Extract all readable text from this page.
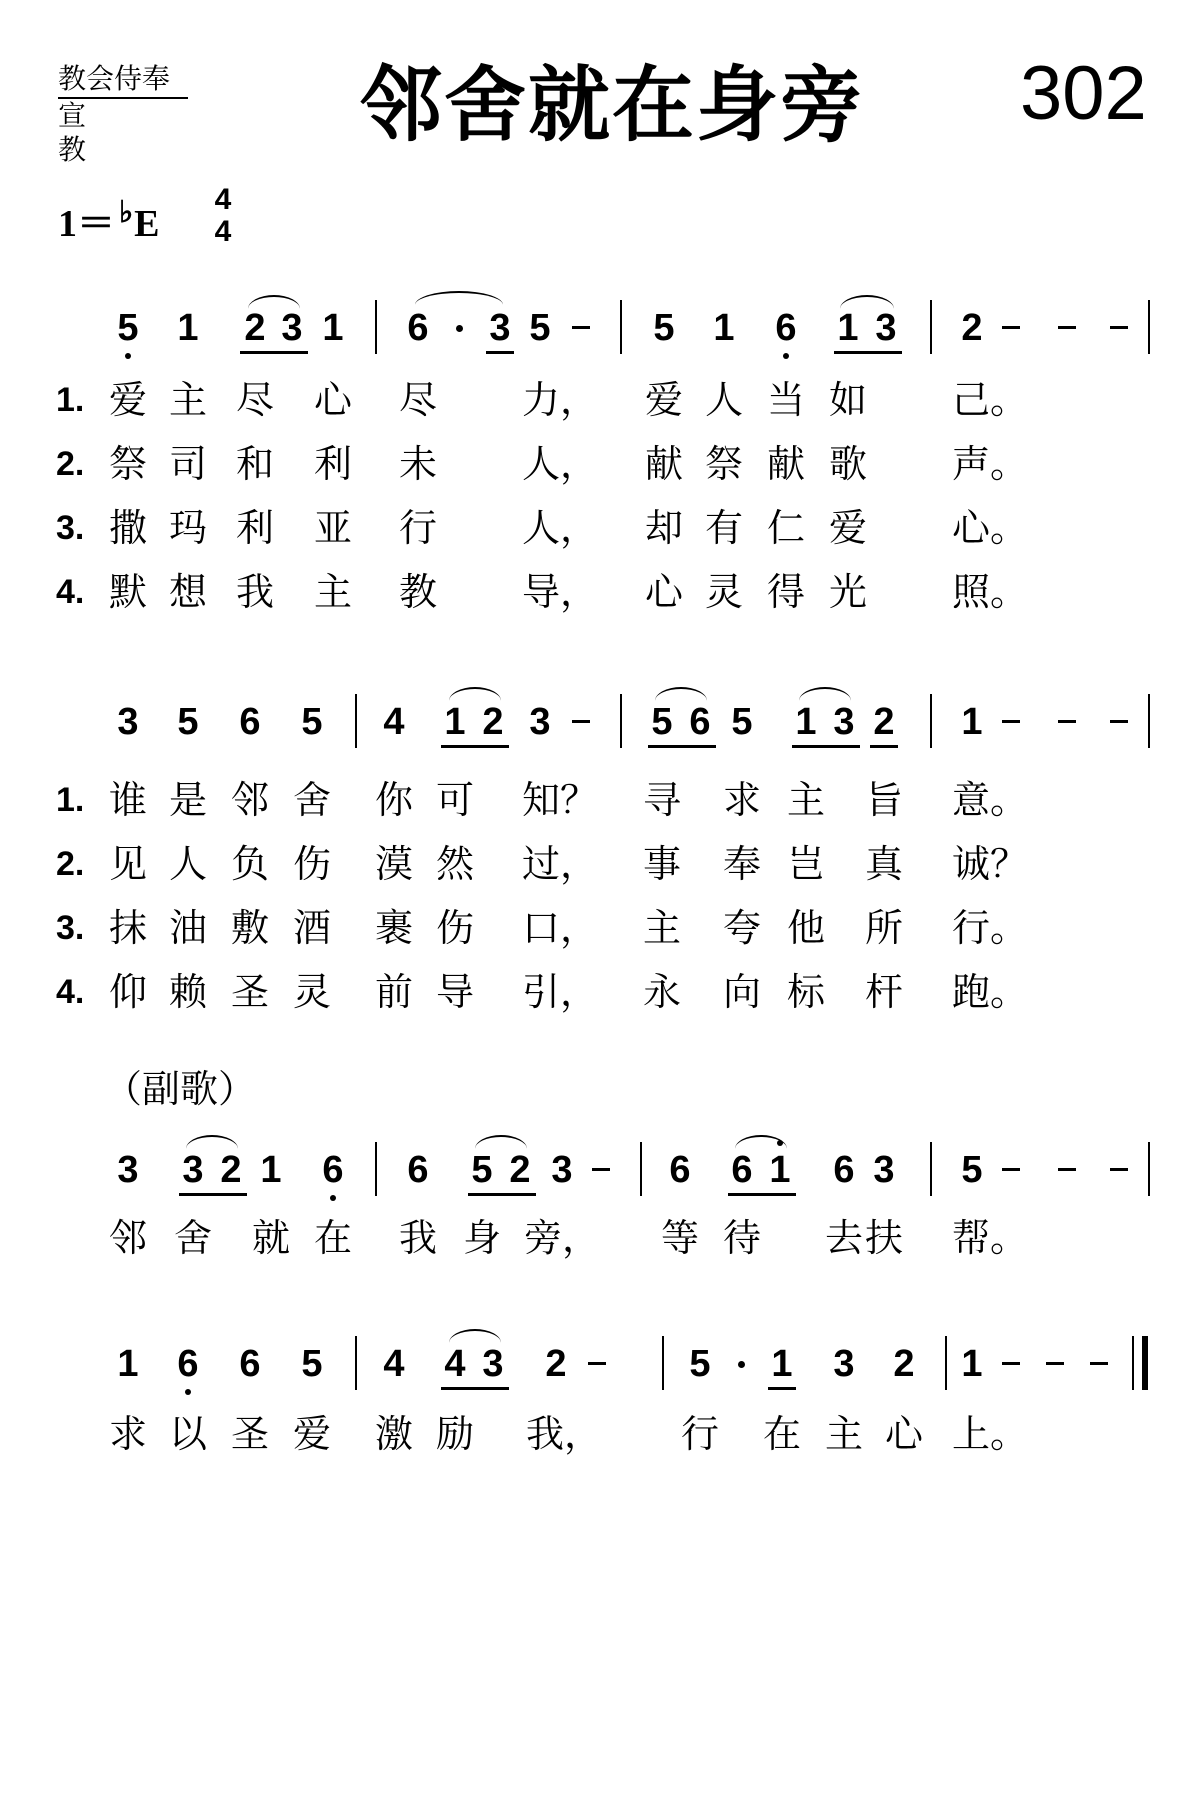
教会侍奉
宣教	邻舍就在身旁	302
1＝ ♭E
4
4
5 1 2 3 1 6 3 5	5 1 6 1 3 2
1. 爱 主 尽 心 尽 力， 爱 人 当 如 己。
2. 祭 司 和 利 未 人， 献 祭 献 歌 声。
3. 撒 玛 利 亚 行 人， 却 有 仁 爱 心。
4. 默 想 我 主 教 导， 心 灵 得 光 照。
3 5 6 5 4 1 2 3	5 6 5 1 3 2 1
1. 谁 是 邻 舍 你 可 知？ 寻 求 主 旨 意。
2. 见 人 负 伤 漠 然 过， 事 奉 岂 真 诚？
3. 抹 油 敷 酒 裹 伤 口， 主 夸 他 所 行。
4. 仰 赖 圣 灵 前 导 引， 永 向 标 杆 跑。
（副歌）
3 3 2 1 6 6 5 2 3	6 6 1 6 3 5
邻 舍 就 在 我 身 旁， 等 待 去 扶 帮。
1 6 6 5 4 4 3 2	5 1 3 2 1
求 以 圣 爱 激 励 我， 行 在 主 心 上。
